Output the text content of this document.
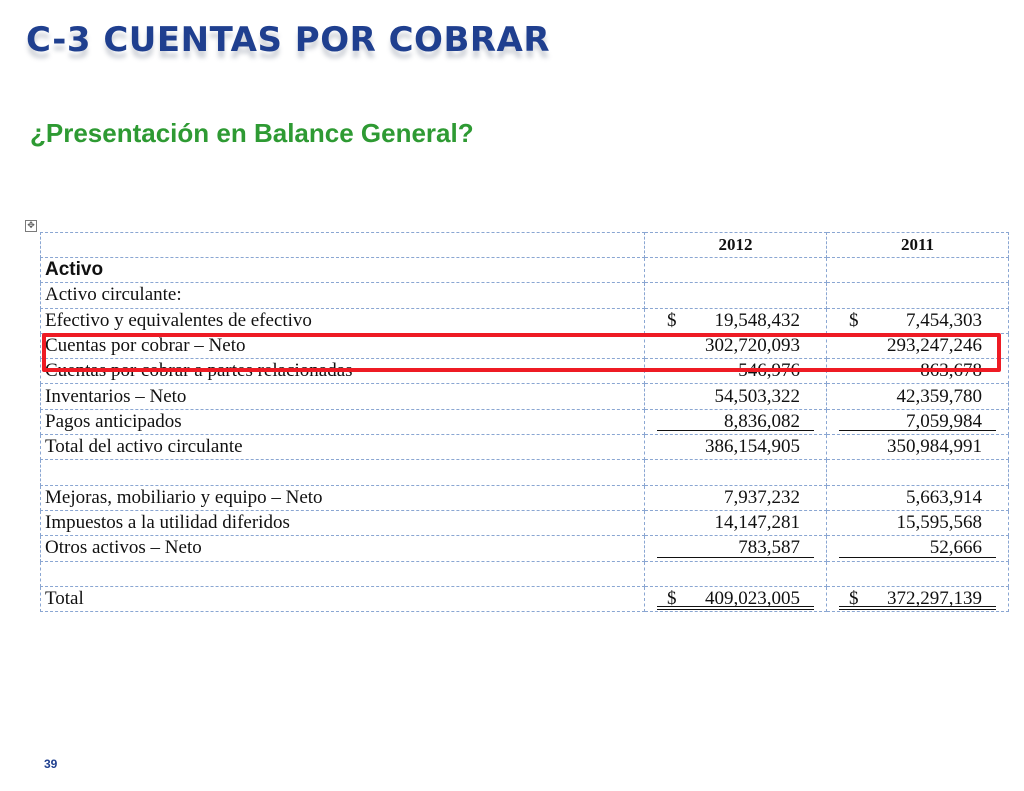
C-3 CUENTAS POR COBRAR
¿Presentación en Balance General?
✥
	2012	2011
Activo		
Activo circulante:		
Efectivo y equivalentes de efectivo	$ 19,548,432	$ 7,454,303
Cuentas por cobrar – Neto	302,720,093	293,247,246
Cuentas por cobrar a partes relacionadas	546,976	863,678
Inventarios – Neto	54,503,322	42,359,780
Pagos anticipados	8,836,082	7,059,984
Total del activo circulante	386,154,905	350,984,991

Mejoras, mobiliario y equipo – Neto	7,937,232	5,663,914
Impuestos a la utilidad diferidos	14,147,281	15,595,568
Otros activos – Neto	783,587	52,666

Total	$ 409,023,005	$ 372,297,139
39
